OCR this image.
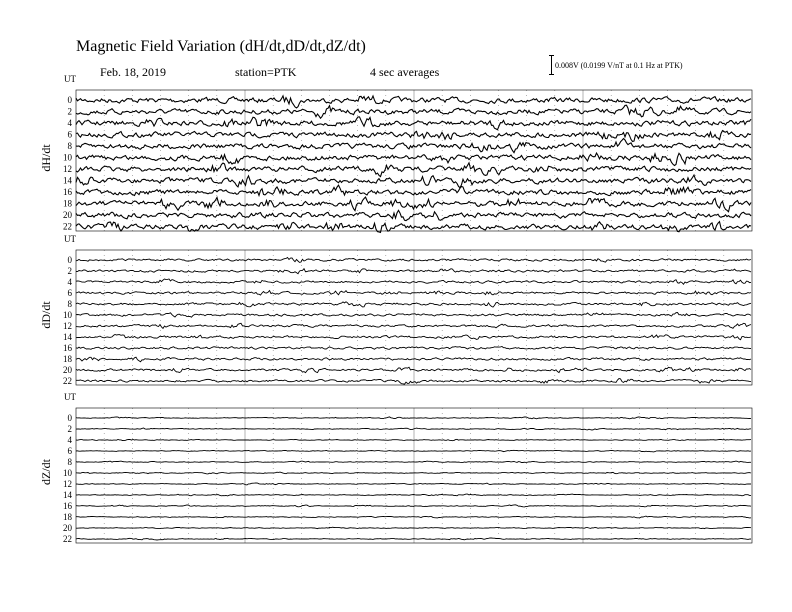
Magnetic Field Variation (dH/dt,dD/dt,dZ/dt)
Feb. 18, 2019	station=PTK	4 sec averages	0.008V (0.0199 V/nT at 0.1 Hz at PTK)
UT
dH/dt
0
2
4
6
8
10
12
14
16
18
20
22
UT
dD/dt
0
2
4
6
8
10
12
14
16
18
20
22
UT
dZ/dt
0
2
4
6
8
10
12
14
16
18
20
22
